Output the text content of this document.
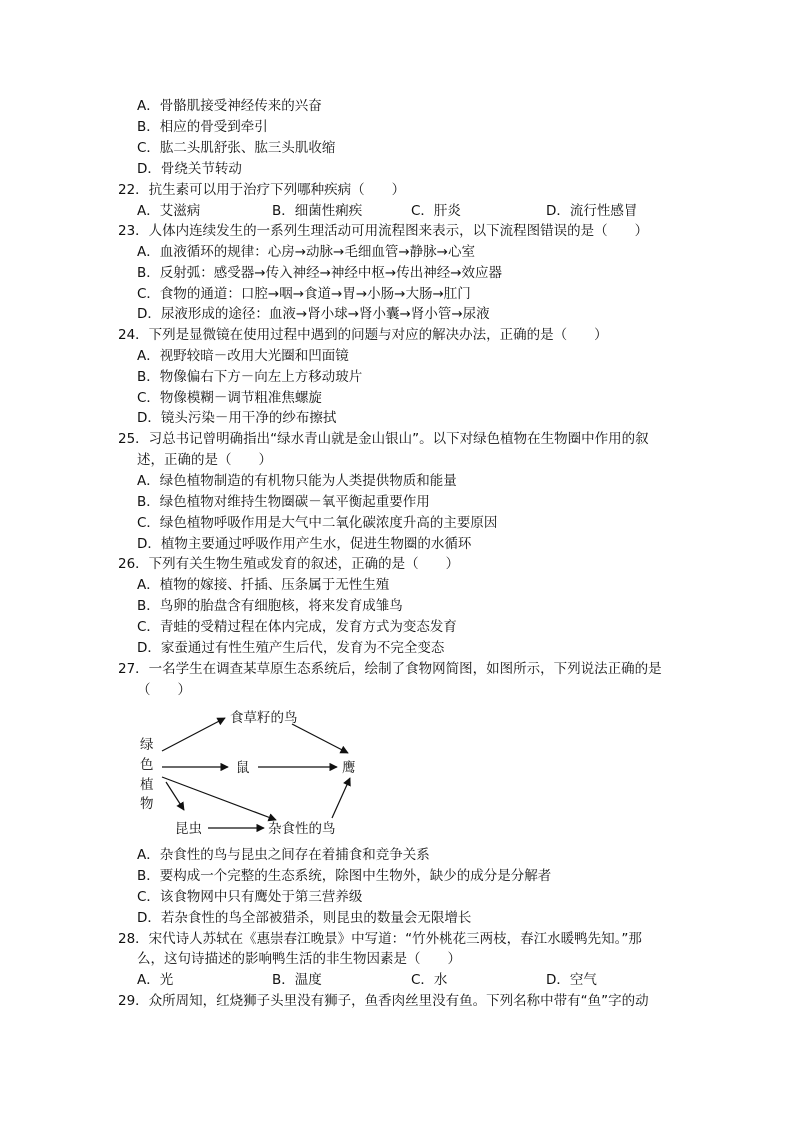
A．骨骼肌接受神经传来的兴奋
B．相应的骨受到牵引
C．肱二头肌舒张、肱三头肌收缩
D．骨绕关节转动
22．抗生素可以用于治疗下列哪种疾病（　　）
A．艾滋病	B．细菌性痢疾	C．肝炎	D．流行性感冒
23．人体内连续发生的一系列生理活动可用流程图来表示，以下流程图错误的是（　　）
A．血液循环的规律：心房→动脉→毛细血管→静脉→心室
B．反射弧：感受器→传入神经→神经中枢→传出神经→效应器
C．食物的通道：口腔→咽→食道→胃→小肠→大肠→肛门
D．尿液形成的途径：血液→肾小球→肾小囊→肾小管→尿液
24．下列是显微镜在使用过程中遇到的问题与对应的解决办法，正确的是（　　）
A．视野较暗－改用大光圈和凹面镜
B．物像偏右下方－向左上方移动玻片
C．物像模糊－调节粗准焦螺旋
D．镜头污染－用干净的纱布擦拭
25．习总书记曾明确指出“绿水青山就是金山银山”。以下对绿色植物在生物圈中作用的叙
述，正确的是（　　）
A．绿色植物制造的有机物只能为人类提供物质和能量
B．绿色植物对维持生物圈碳－氧平衡起重要作用
C．绿色植物呼吸作用是大气中二氧化碳浓度升高的主要原因
D．植物主要通过呼吸作用产生水，促进生物圈的水循环
26．下列有关生物生殖或发育的叙述，正确的是（　　）
A．植物的嫁接、扦插、压条属于无性生殖
B．鸟卵的胎盘含有细胞核，将来发育成雏鸟
C．青蛙的受精过程在体内完成，发育方式为变态发育
D．家蚕通过有性生殖产生后代，发育为不完全变态
27．一名学生在调查某草原生态系统后，绘制了食物网简图，如图所示，下列说法正确的是
（　　）
绿
色
植
物
食草籽的鸟
鼠	鹰
昆虫	杂食性的鸟
A．杂食性的鸟与昆虫之间存在着捕食和竞争关系
B．要构成一个完整的生态系统，除图中生物外，缺少的成分是分解者
C．该食物网中只有鹰处于第三营养级
D．若杂食性的鸟全部被猎杀，则昆虫的数量会无限增长
28．宋代诗人苏轼在《惠崇春江晚景》中写道：“竹外桃花三两枝，春江水暖鸭先知。”那
么，这句诗描述的影响鸭生活的非生物因素是（　　）
A．光	B．温度	C．水	D．空气
29．众所周知，红烧狮子头里没有狮子，鱼香肉丝里没有鱼。下列名称中带有“鱼”字的动
